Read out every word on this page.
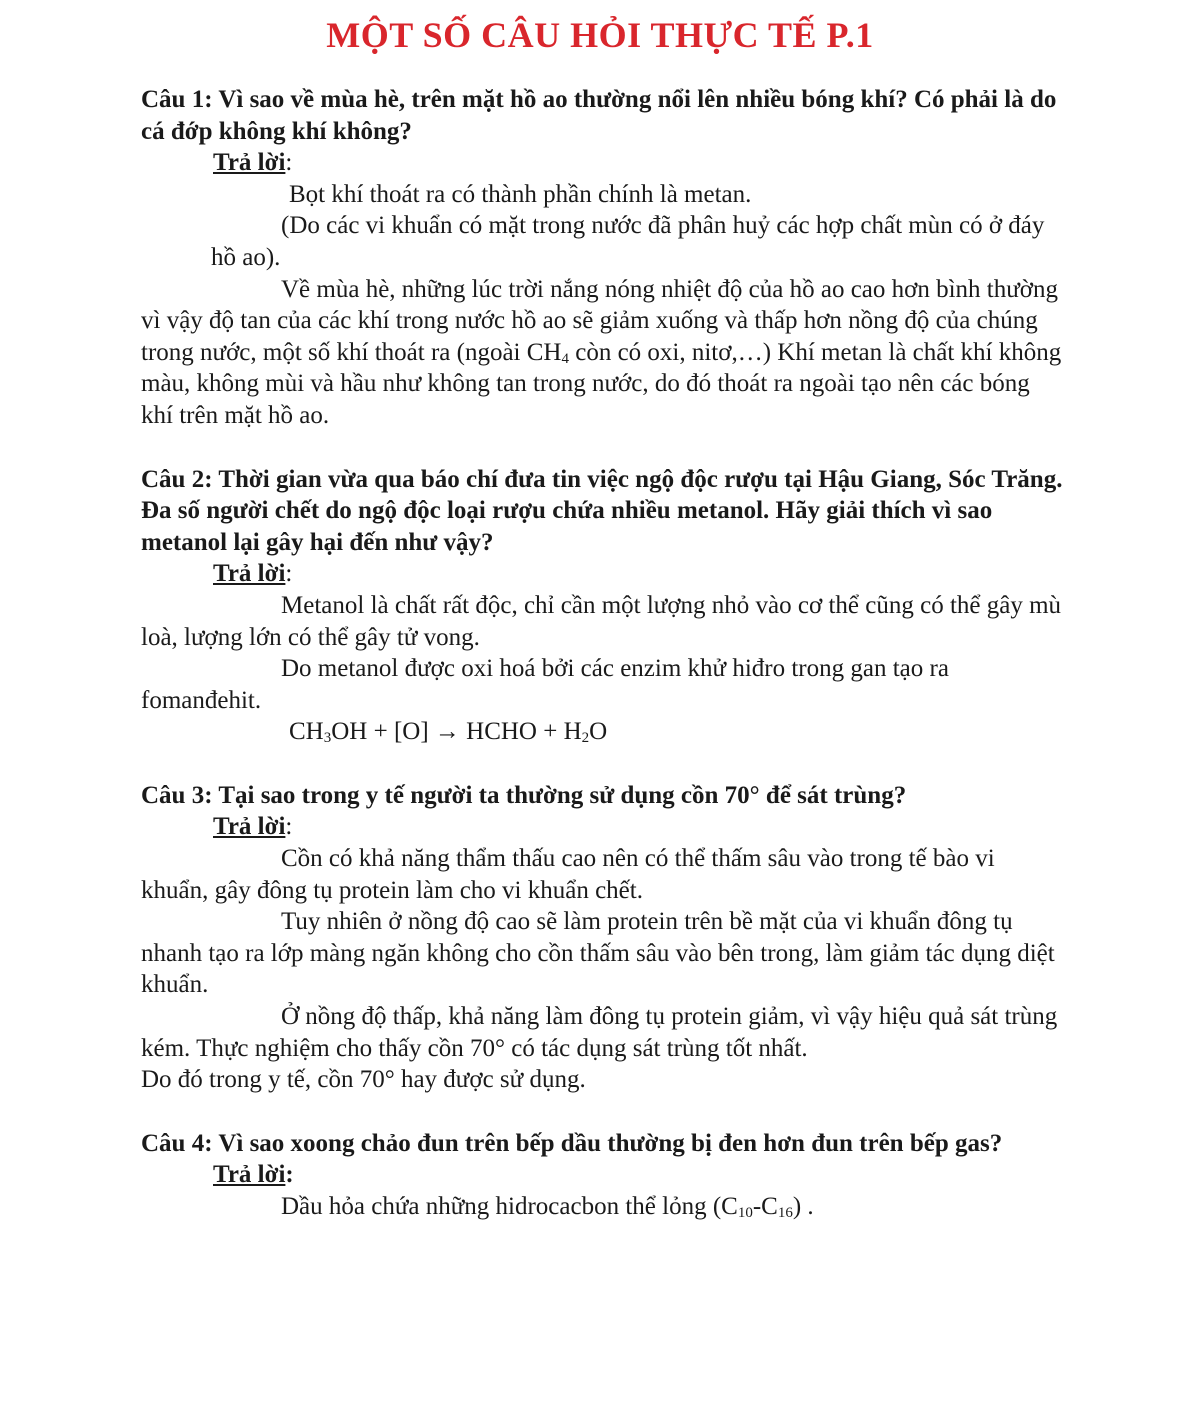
MỘT SỐ CÂU HỎI THỰC TẾ P.1

Câu 1: Vì sao về mùa hè, trên mặt hồ ao thường nổi lên nhiều bóng khí? Có phải là do cá đớp không khí không?

Trả lời:

Bọt khí thoát ra có thành phần chính là metan.

(Do các vi khuẩn có mặt trong nước đã phân huỷ các hợp chất mùn có ở đáy hồ ao).

Về mùa hè, những lúc trời nắng nóng nhiệt độ của hồ ao cao hơn bình thường vì vậy độ tan của các khí trong nước hồ ao sẽ giảm xuống và thấp hơn nồng độ của chúng trong nước, một số khí thoát ra (ngoài $CH_4$ còn có oxi, nitơ,…) Khí metan là chất khí không màu, không mùi và hầu như không tan trong nước, do đó thoát ra ngoài tạo nên các bóng khí trên mặt hồ ao.

Câu 2: Thời gian vừa qua báo chí đưa tin việc ngộ độc rượu tại Hậu Giang, Sóc Trăng. Đa số người chết do ngộ độc loại rượu chứa nhiều metanol. Hãy giải thích vì sao metanol lại gây hại đến như vậy?

Trả lời:

Metanol là chất rất độc, chỉ cần một lượng nhỏ vào cơ thể cũng có thể gây mù loà, lượng lớn có thể gây tử vong.

Do metanol được oxi hoá bởi các enzim khử hiđro trong gan tạo ra fomanđehit.

$CH_3OH + [O]$ → HCHO + $H_2O$

Câu 3: Tại sao trong y tế người ta thường sử dụng cồn 70° để sát trùng?

Trả lời:

Cồn có khả năng thẩm thấu cao nên có thể thấm sâu vào trong tế bào vi khuẩn, gây đông tụ protein làm cho vi khuẩn chết.

Tuy nhiên ở nồng độ cao sẽ làm protein trên bề mặt của vi khuẩn đông tụ nhanh tạo ra lớp màng ngăn không cho cồn thấm sâu vào bên trong, làm giảm tác dụng diệt khuẩn.

Ở nồng độ thấp, khả năng làm đông tụ protein giảm, vì vậy hiệu quả sát trùng kém. Thực nghiệm cho thấy cồn 70° có tác dụng sát trùng tốt nhất.

Do đó trong y tế, cồn 70° hay được sử dụng.

Câu 4: Vì sao xoong chảo đun trên bếp dầu thường bị đen hơn đun trên bếp gas?

Trả lời:

Dầu hỏa chứa những hidrocacbon thể lỏng $(C_{10}-C_{16})$ .
